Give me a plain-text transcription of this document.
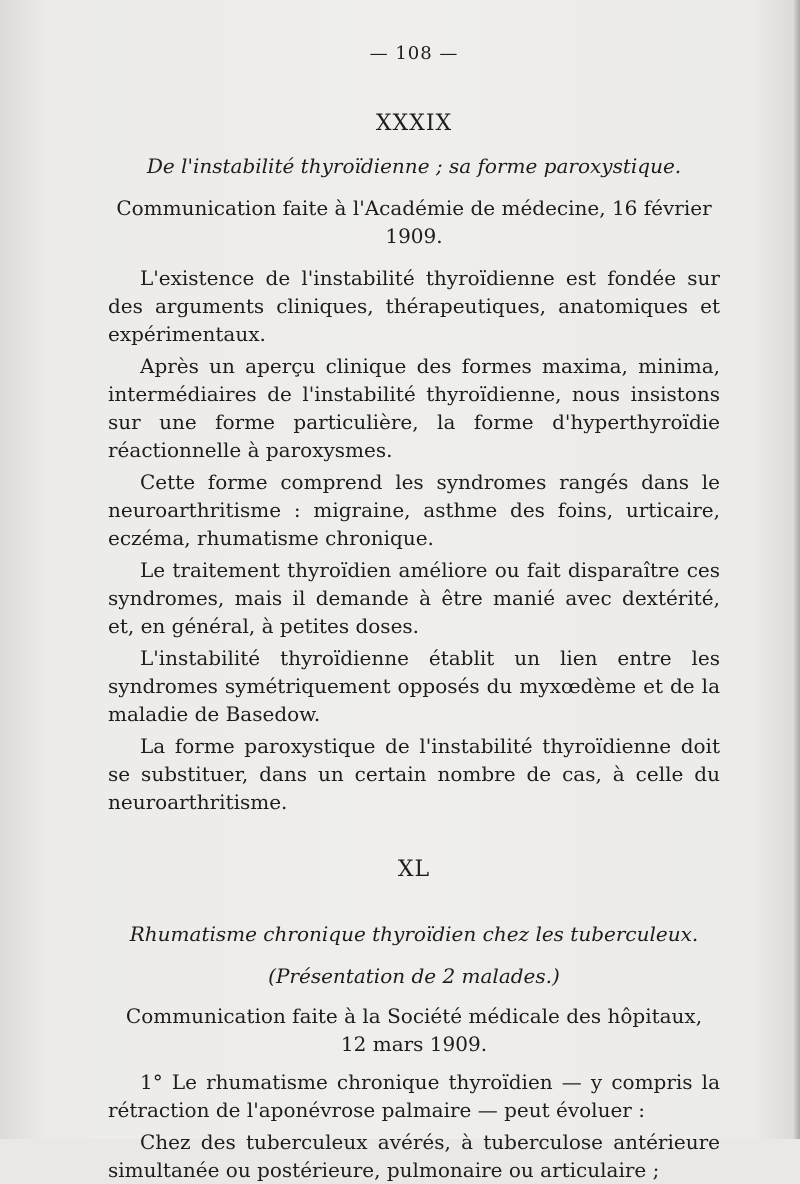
— 108 —
XXXIX
De l'instabilité thyroïdienne ; sa forme paroxystique.
Communication faite à l'Académie de médecine, 16 février 1909.

L'existence de l'instabilité thyroïdienne est fondée sur des arguments cliniques, thérapeutiques, anatomiques et expérimentaux.

Après un aperçu clinique des formes maxima, minima, intermédiaires de l'instabilité thyroïdienne, nous insistons sur une forme particulière, la forme d'hyperthyroïdie réactionnelle à paroxysmes.

Cette forme comprend les syndromes rangés dans le neuroarthritisme : migraine, asthme des foins, urticaire, eczéma, rhumatisme chronique.

Le traitement thyroïdien améliore ou fait disparaître ces syndromes, mais il demande à être manié avec dextérité, et, en général, à petites doses.

L'instabilité thyroïdienne établit un lien entre les syndromes symétriquement opposés du myxœdème et de la maladie de Basedow.

La forme paroxystique de l'instabilité thyroïdienne doit se substituer, dans un certain nombre de cas, à celle du neuroarthritisme.

XL
Rhumatisme chronique thyroïdien chez les tuberculeux.
(Présentation de 2 malades.)
Communication faite à la Société médicale des hôpitaux,
12 mars 1909.

1° Le rhumatisme chronique thyroïdien — y compris la rétraction de l'aponévrose palmaire — peut évoluer :

Chez des tuberculeux avérés, à tuberculose antérieure simultanée ou postérieure, pulmonaire ou articulaire ;
